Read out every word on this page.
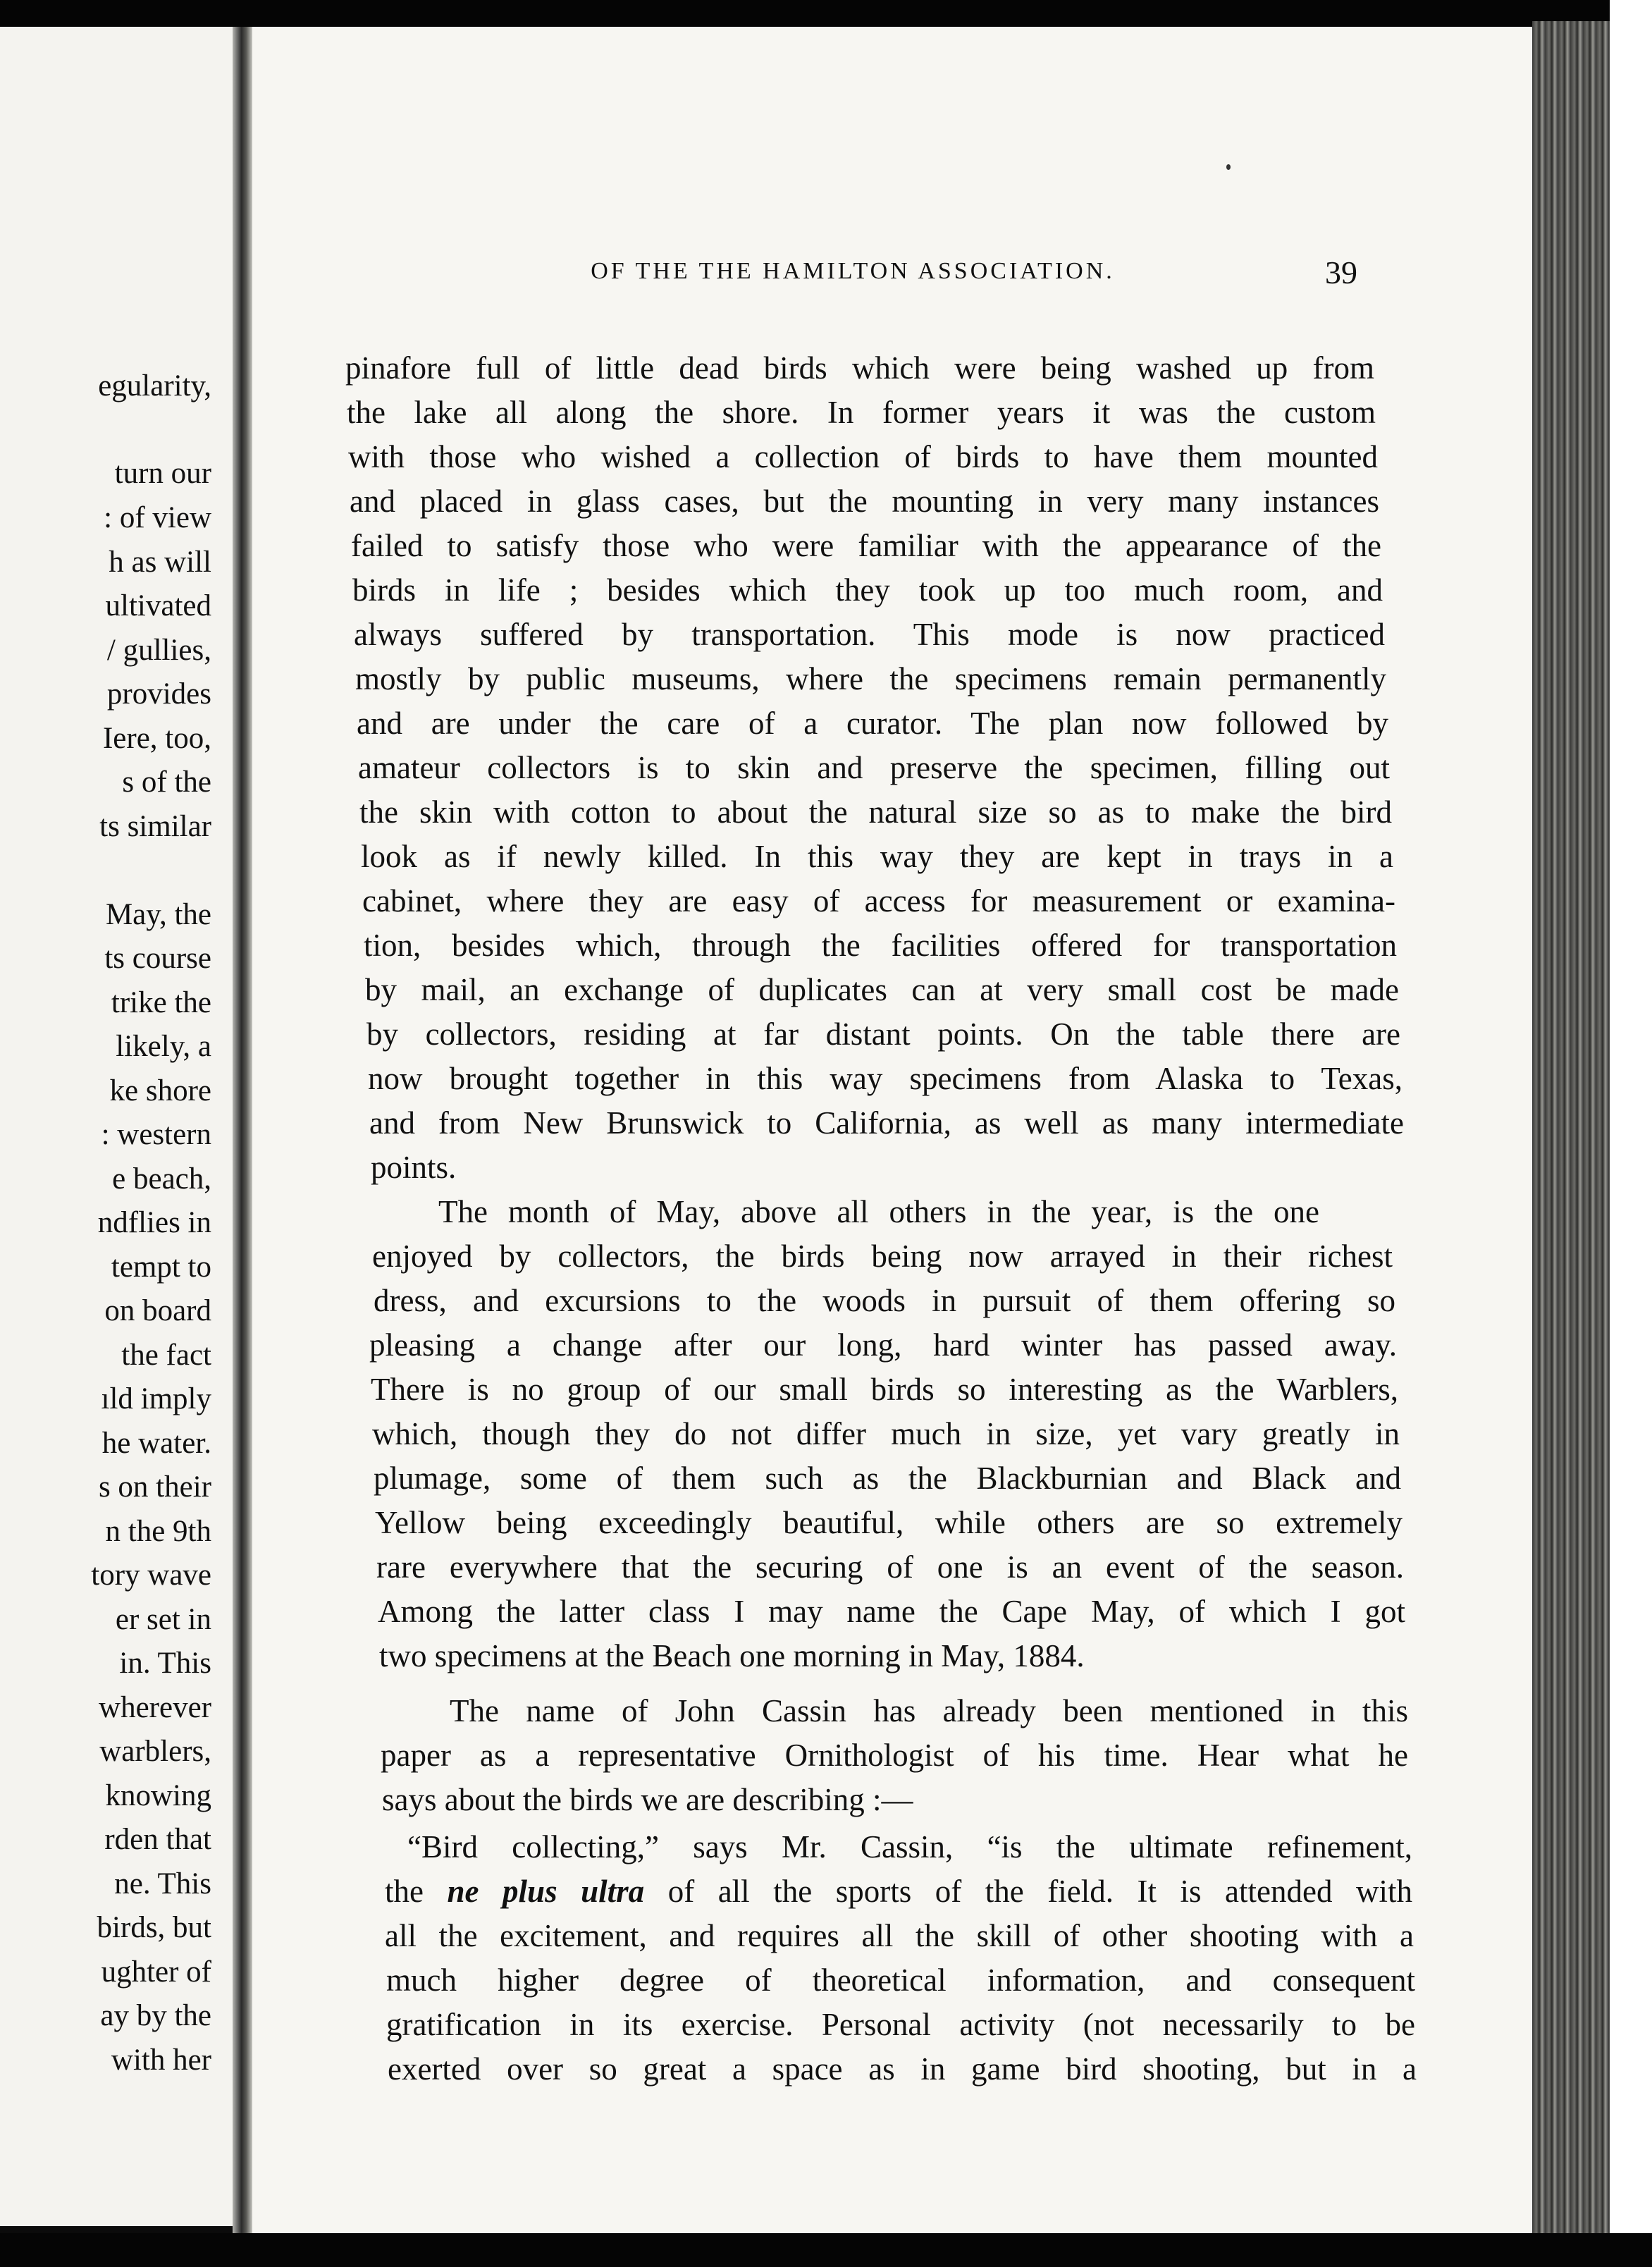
egularity,
turn our
: of view
h as will
ultivated
/ gullies,
provides
Iere, too,
s of the
ts similar
May, the
ts course
trike the
likely, a
ke shore
: western
e beach,
ndflies in
tempt to
on board
the fact
ıld imply
he water.
s on their
n the 9th
tory wave
er set in
in. This
wherever
warblers,
knowing
rden that
ne. This
birds, but
ughter of
ay by the
with her
OF THE THE HAMILTON ASSOCIATION.	39
pinafore full of little dead birds which were being washed up from
the lake all along the shore. In former years it was the custom
with those who wished a collection of birds to have them mounted
and placed in glass cases, but the mounting in very many instances
failed to satisfy those who were familiar with the appearance of the
birds in life ; besides which they took up too much room, and
always suffered by transportation. This mode is now practiced
mostly by public museums, where the specimens remain permanently
and are under the care of a curator. The plan now followed by
amateur collectors is to skin and preserve the specimen, filling out
the skin with cotton to about the natural size so as to make the bird
look as if newly killed. In this way they are kept in trays in a
cabinet, where they are easy of access for measurement or examina-
tion, besides which, through the facilities offered for transportation
by mail, an exchange of duplicates can at very small cost be made
by collectors, residing at far distant points. On the table there are
now brought together in this way specimens from Alaska to Texas,
and from New Brunswick to California, as well as many intermediate
points.
The month of May, above all others in the year, is the one
enjoyed by collectors, the birds being now arrayed in their richest
dress, and excursions to the woods in pursuit of them offering so
pleasing a change after our long, hard winter has passed away.
There is no group of our small birds so interesting as the Warblers,
which, though they do not differ much in size, yet vary greatly in
plumage, some of them such as the Blackburnian and Black and
Yellow being exceedingly beautiful, while others are so extremely
rare everywhere that the securing of one is an event of the season.
Among the latter class I may name the Cape May, of which I got
two specimens at the Beach one morning in May, 1884.
The name of John Cassin has already been mentioned in this
paper as a representative Ornithologist of his time. Hear what he
says about the birds we are describing :—
“Bird collecting,” says Mr. Cassin, “is the ultimate refinement,
the ne plus ultra of all the sports of the field. It is attended with
all the excitement, and requires all the skill of other shooting with a
much higher degree of theoretical information, and consequent
gratification in its exercise. Personal activity (not necessarily to be
exerted over so great a space as in game bird shooting, but in a
